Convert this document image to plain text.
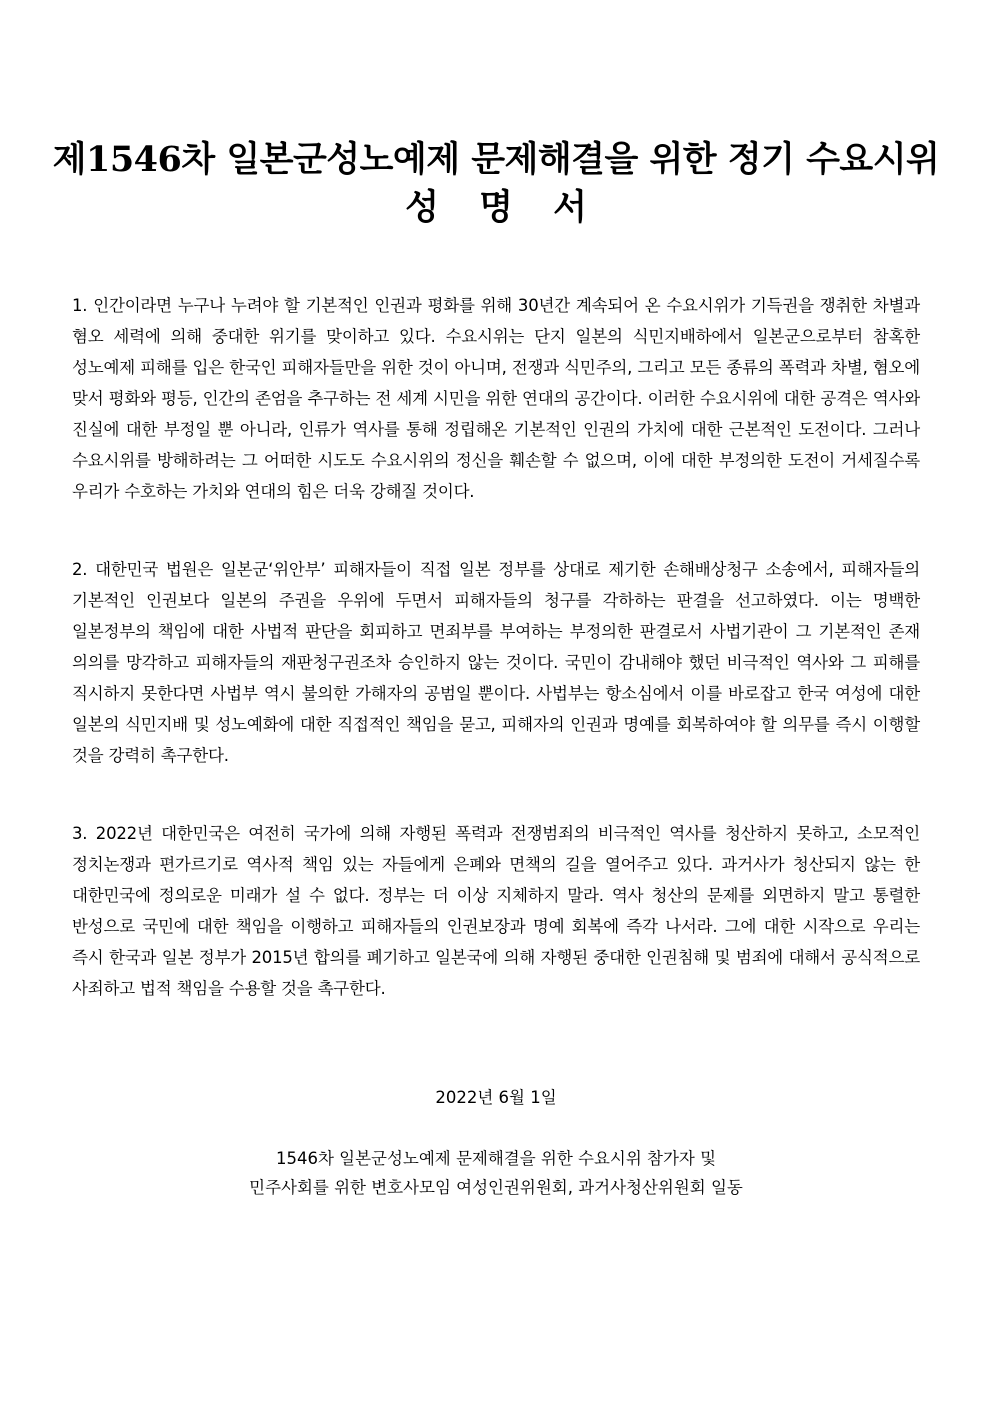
제1546차 일본군성노예제 문제해결을 위한 정기 수요시위
성 명 서

1. 인간이라면 누구나 누려야 할 기본적인 인권과 평화를 위해 30년간 계속되어 온 수요시위가 기득권을 쟁취한 차별과 혐오 세력에 의해 중대한 위기를 맞이하고 있다. 수요시위는 단지 일본의 식민지배하에서 일본군으로부터 참혹한 성노예제 피해를 입은 한국인 피해자들만을 위한 것이 아니며, 전쟁과 식민주의, 그리고 모든 종류의 폭력과 차별, 혐오에 맞서 평화와 평등, 인간의 존엄을 추구하는 전 세계 시민을 위한 연대의 공간이다. 이러한 수요시위에 대한 공격은 역사와 진실에 대한 부정일 뿐 아니라, 인류가 역사를 통해 정립해온 기본적인 인권의 가치에 대한 근본적인 도전이다. 그러나 수요시위를 방해하려는 그 어떠한 시도도 수요시위의 정신을 훼손할 수 없으며, 이에 대한 부정의한 도전이 거세질수록 우리가 수호하는 가치와 연대의 힘은 더욱 강해질 것이다.

2. 대한민국 법원은 일본군‘위안부’ 피해자들이 직접 일본 정부를 상대로 제기한 손해배상청구 소송에서, 피해자들의 기본적인 인권보다 일본의 주권을 우위에 두면서 피해자들의 청구를 각하하는 판결을 선고하였다. 이는 명백한 일본정부의 책임에 대한 사법적 판단을 회피하고 면죄부를 부여하는 부정의한 판결로서 사법기관이 그 기본적인 존재 의의를 망각하고 피해자들의 재판청구권조차 승인하지 않는 것이다. 국민이 감내해야 했던 비극적인 역사와 그 피해를 직시하지 못한다면 사법부 역시 불의한 가해자의 공범일 뿐이다. 사법부는 항소심에서 이를 바로잡고 한국 여성에 대한 일본의 식민지배 및 성노예화에 대한 직접적인 책임을 묻고, 피해자의 인권과 명예를 회복하여야 할 의무를 즉시 이행할 것을 강력히 촉구한다.

3. 2022년 대한민국은 여전히 국가에 의해 자행된 폭력과 전쟁범죄의 비극적인 역사를 청산하지 못하고, 소모적인 정치논쟁과 편가르기로 역사적 책임 있는 자들에게 은폐와 면책의 길을 열어주고 있다. 과거사가 청산되지 않는 한 대한민국에 정의로운 미래가 설 수 없다. 정부는 더 이상 지체하지 말라. 역사 청산의 문제를 외면하지 말고 통렬한 반성으로 국민에 대한 책임을 이행하고 피해자들의 인권보장과 명예 회복에 즉각 나서라. 그에 대한 시작으로 우리는 즉시 한국과 일본 정부가 2015년 합의를 폐기하고 일본국에 의해 자행된 중대한 인권침해 및 범죄에 대해서 공식적으로 사죄하고 법적 책임을 수용할 것을 촉구한다.

2022년 6월 1일
1546차 일본군성노예제 문제해결을 위한 수요시위 참가자 및
민주사회를 위한 변호사모임 여성인권위원회, 과거사청산위원회 일동
